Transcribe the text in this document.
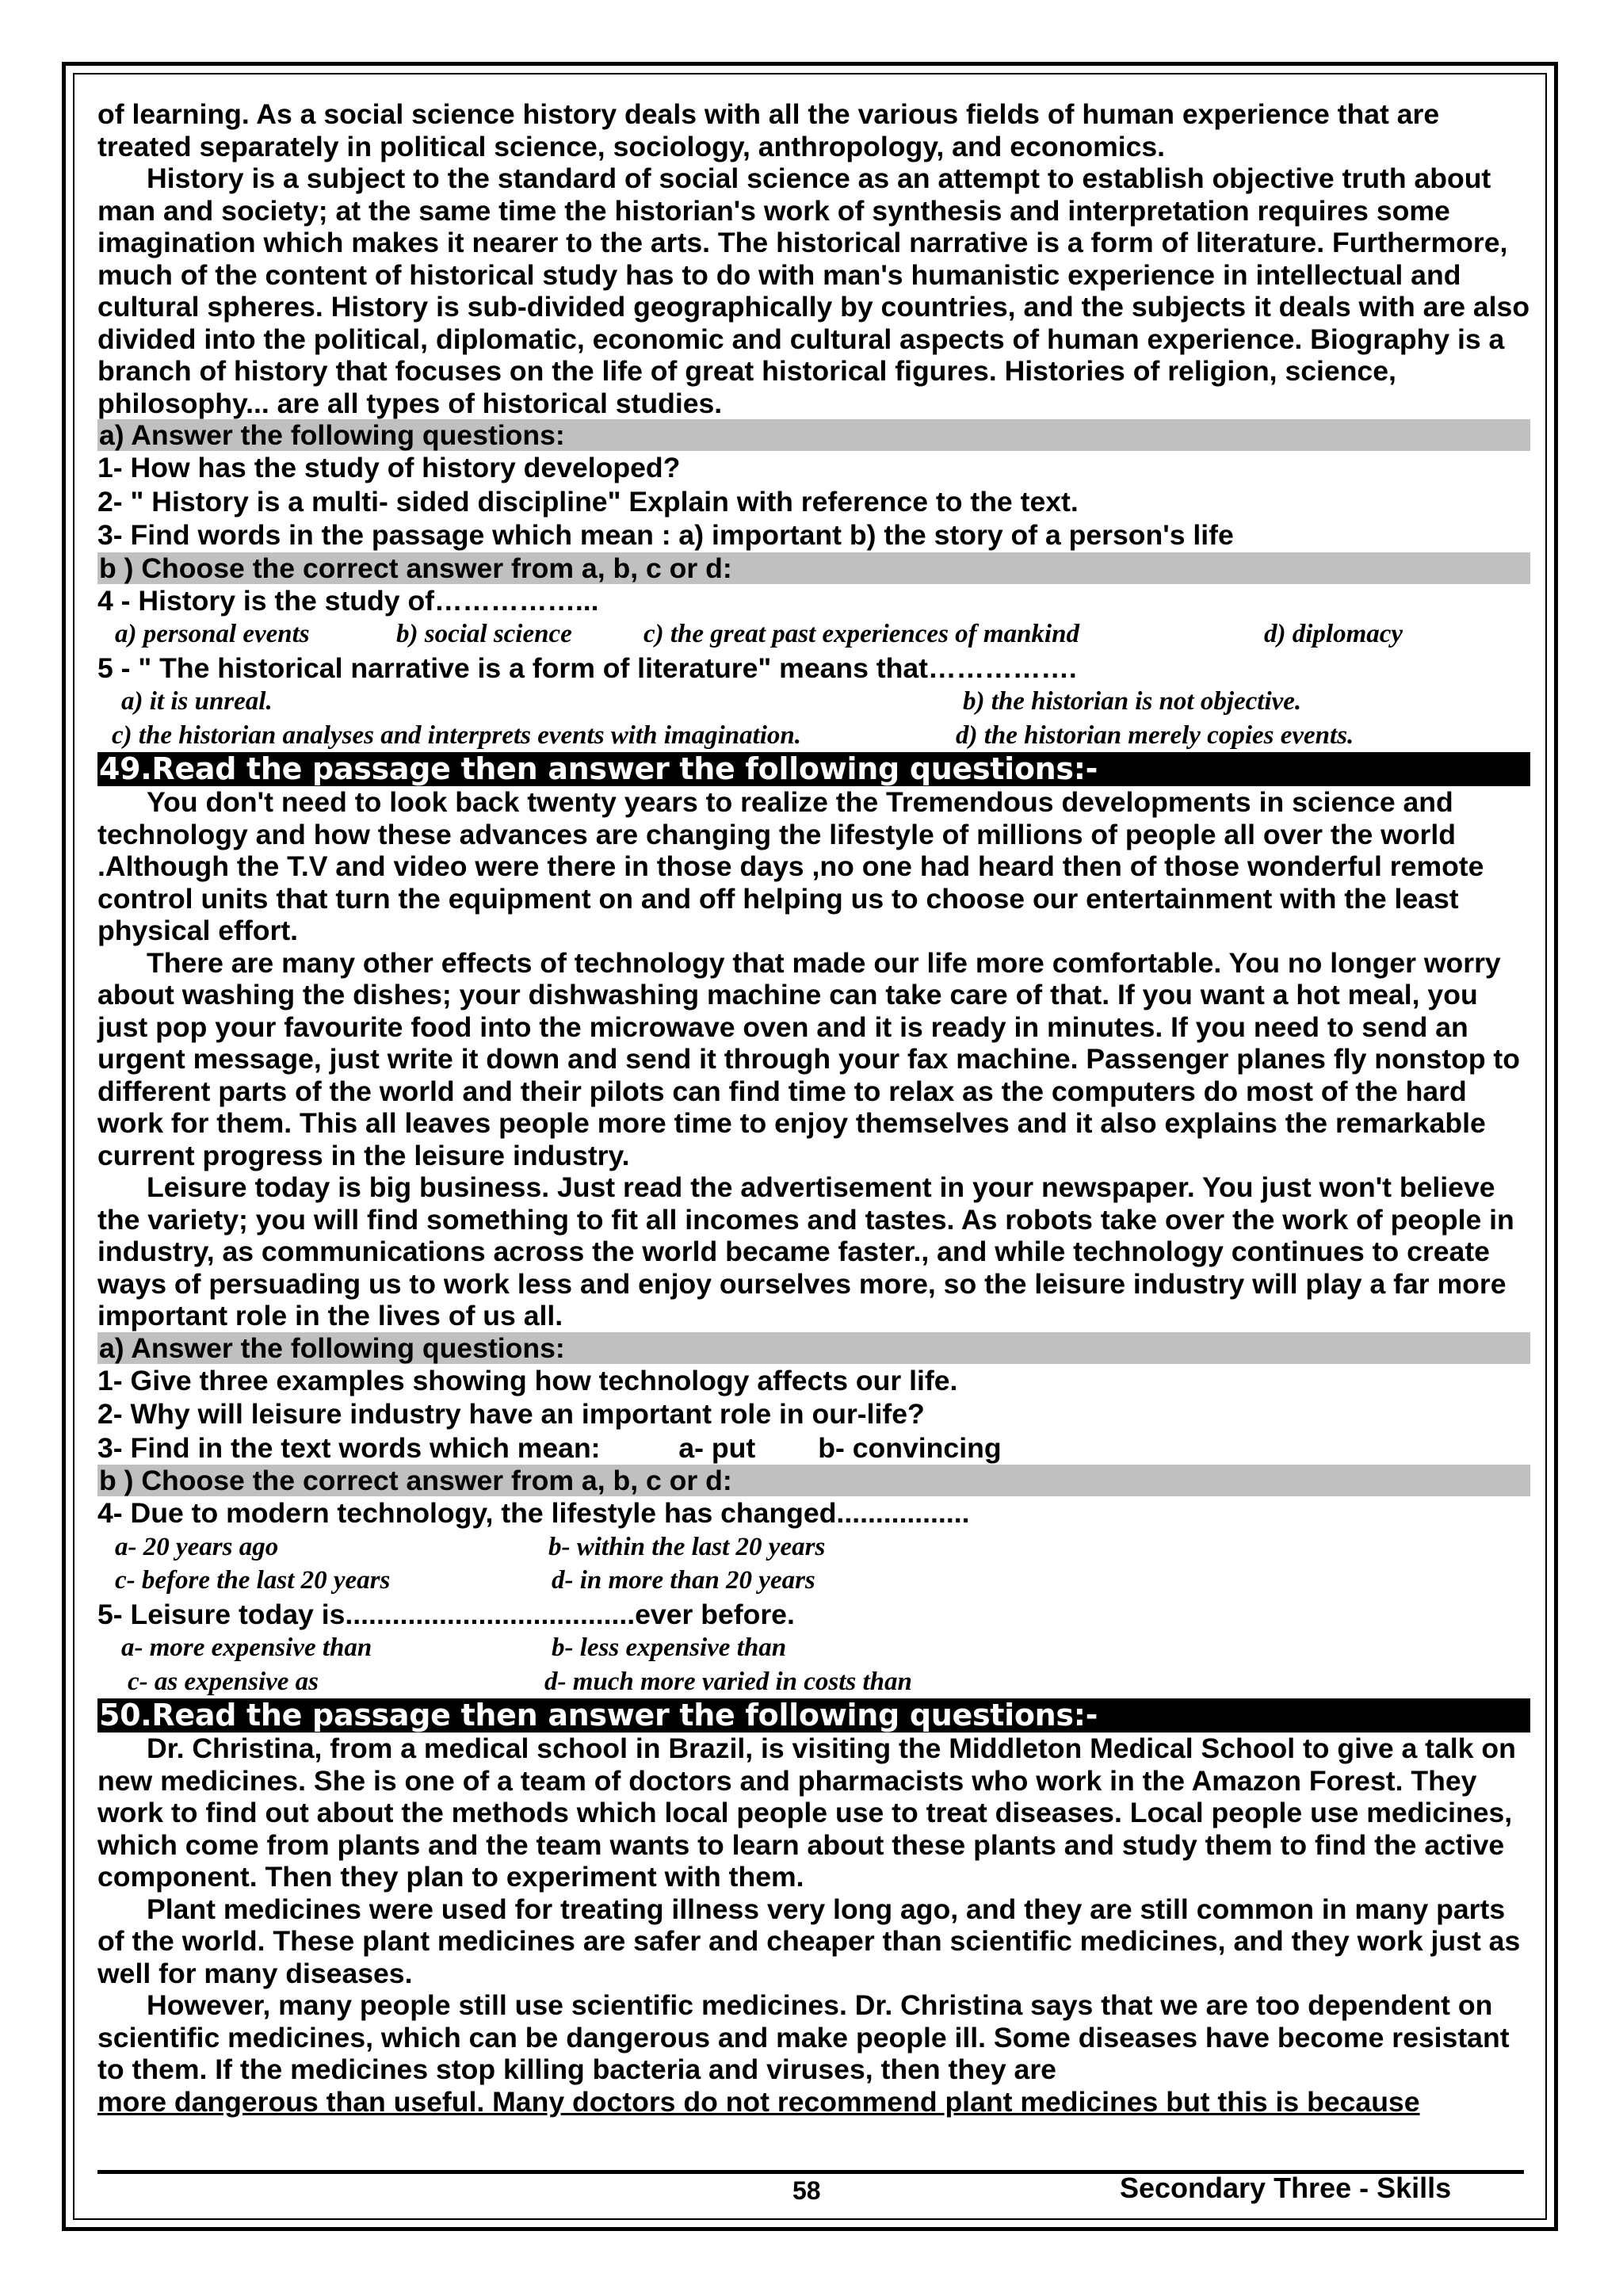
of learning. As a social science history deals with all the various fields of human experience that are treated separately in political science, sociology, anthropology, and economics.

History is a subject to the standard of social science as an attempt to establish objective truth about man and society; at the same time the historian's work of synthesis and interpretation requires some imagination which makes it nearer to the arts. The historical narrative is a form of literature. Furthermore, much of the content of historical study has to do with man's humanistic experience in intellectual and cultural spheres. History is sub-divided geographically by countries, and the subjects it deals with are also divided into the political, diplomatic, economic and cultural aspects of human experience. Biography is a branch of history that focuses on the life of great historical figures. Histories of religion, science, philosophy... are all types of historical studies.

a) Answer the following questions:

1- How has the study of history developed?

2- " History is a multi- sided discipline" Explain with reference to the text.

3- Find words in the passage which mean : a) important b) the story of a person's life

b ) Choose the correct answer from a, b, c or d:

4 - History is the study of……………...

a) personal events	b) social science	c) the great past experiences of mankind	d) diplomacy

5 - " The historical narrative is a form of literature" means that…………….

a) it is unreal.	b) the historian is not objective.
c) the historian analyses and interprets events with imagination.	d) the historian merely copies events.
49.Read the passage then answer the following questions:-

You don't need to look back twenty years to realize the Tremendous developments in science and technology and how these advances are changing the lifestyle of millions of people all over the world .Although the T.V and video were there in those days ,no one had heard then of those wonderful remote control units that turn the equipment on and off helping us to choose our entertainment with the least physical effort.

There are many other effects of technology that made our life more comfortable. You no longer worry about washing the dishes; your dishwashing machine can take care of that. If you want a hot meal, you just pop your favourite food into the microwave oven and it is ready in minutes. If you need to send an urgent message, just write it down and send it through your fax machine. Passenger planes fly nonstop to different parts of the world and their pilots can find time to relax as the computers do most of the hard work for them. This all leaves people more time to enjoy themselves and it also explains the remarkable current progress in the leisure industry.

Leisure today is big business. Just read the advertisement in your newspaper. You just won't believe the variety; you will find something to fit all incomes and tastes. As robots take over the work of people in industry, as communications across the world became faster., and while technology continues to create ways of persuading us to work less and enjoy ourselves more, so the leisure industry will play a far more important role in the lives of us all.

a) Answer the following questions:

1- Give three examples showing how technology affects our life.

2- Why will leisure industry have an important role in our-life?

3- Find in the text words which mean:          a- put        b- convincing

b ) Choose the correct answer from a, b, c or d:

4- Due to modern technology, the lifestyle has changed.................

a- 20 years ago	b- within the last 20 years
c- before the last 20 years	d- in more than 20 years

5- Leisure today is.....................................ever before.

a- more expensive than	b- less expensive than
c- as expensive as	d- much more varied in costs than
50.Read the passage then answer the following questions:-

Dr. Christina, from a medical school in Brazil, is visiting the Middleton Medical School to give a talk on new medicines. She is one of a team of doctors and pharmacists who work in the Amazon Forest. They work to find out about the methods which local people use to treat diseases. Local people use medicines, which come from plants and the team wants to learn about these plants and study them to find the active component. Then they plan to experiment with them.

Plant medicines were used for treating illness very long ago, and they are still common in many parts of the world. These plant medicines are safer and cheaper than scientific medicines, and they work just as well for many diseases.

However, many people still use scientific medicines. Dr. Christina says that we are too dependent on scientific medicines, which can be dangerous and make people ill. Some diseases have become resistant to them. If the medicines stop killing bacteria and viruses, then they are

more dangerous than useful. Many doctors do not recommend plant medicines but this is because

58	Secondary Three - Skills
